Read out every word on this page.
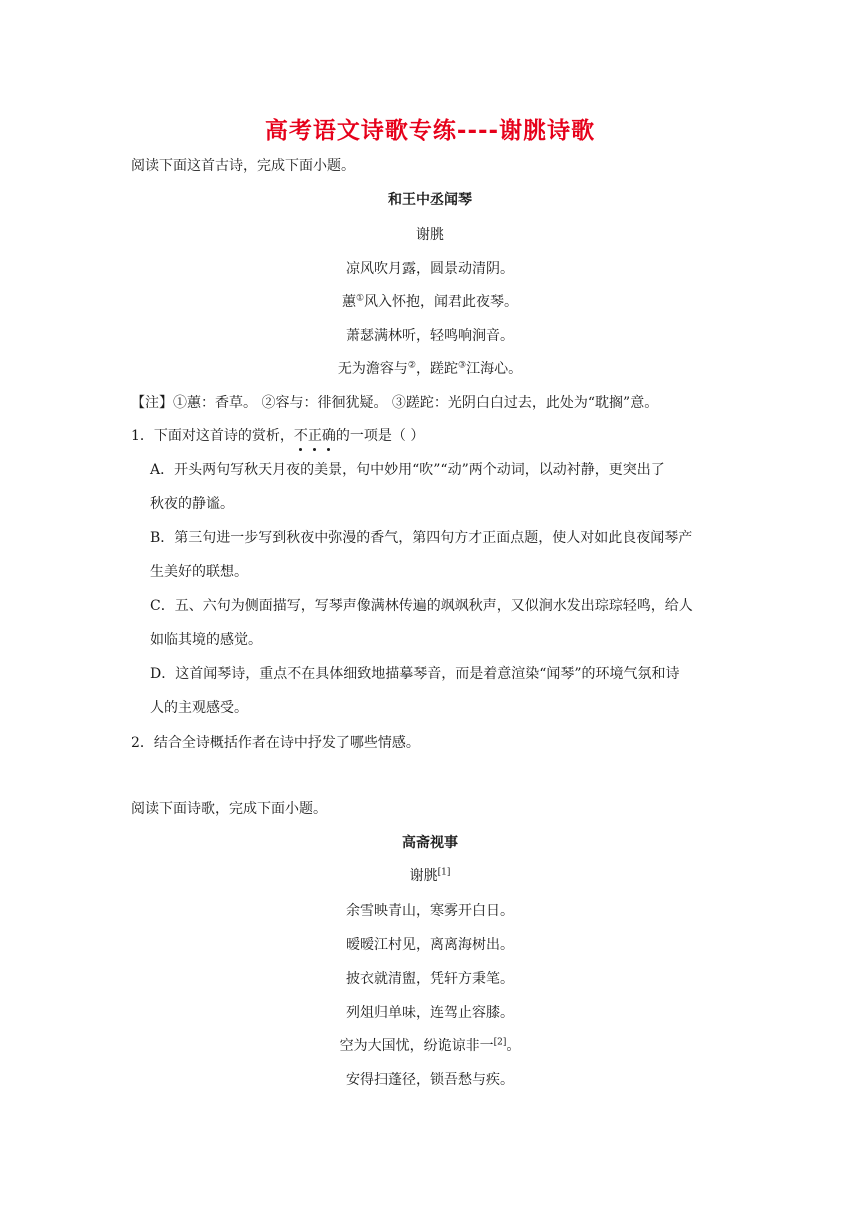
高考语文诗歌专练----谢朓诗歌
阅读下面这首古诗，完成下面小题。
和王中丞闻琴
谢朓
凉风吹月露，圆景动清阴。
蕙①风入怀抱，闻君此夜琴。
萧瑟满林听，轻鸣响涧音。
无为澹容与②，蹉跎③江海心。
【注】①蕙：香草。 ②容与：徘徊犹疑。 ③蹉跎：光阴白白过去，此处为“耽搁”意。
1．下面对这首诗的赏析，不正确的一项是（ ）
A．开头两句写秋天月夜的美景，句中妙用“吹”“动”两个动词，以动衬静，更突出了
秋夜的静谧。
B．第三句进一步写到秋夜中弥漫的香气，第四句方才正面点题，使人对如此良夜闻琴产
生美好的联想。
C．五、六句为侧面描写，写琴声像满林传遍的飒飒秋声，又似涧水发出琮琮轻鸣，给人
如临其境的感觉。
D．这首闻琴诗，重点不在具体细致地描摹琴音，而是着意渲染“闻琴”的环境气氛和诗
人的主观感受。
2．结合全诗概括作者在诗中抒发了哪些情感。
阅读下面诗歌，完成下面小题。
高斋视事
谢朓[1]
余雪映青山，寒雾开白日。
暧暧江村见，离离海树出。
披衣就清盥，凭轩方秉笔。
列俎归单味，连驾止容膝。
空为大国忧，纷诡谅非一[2]。
安得扫蓬径，锁吾愁与疾。
